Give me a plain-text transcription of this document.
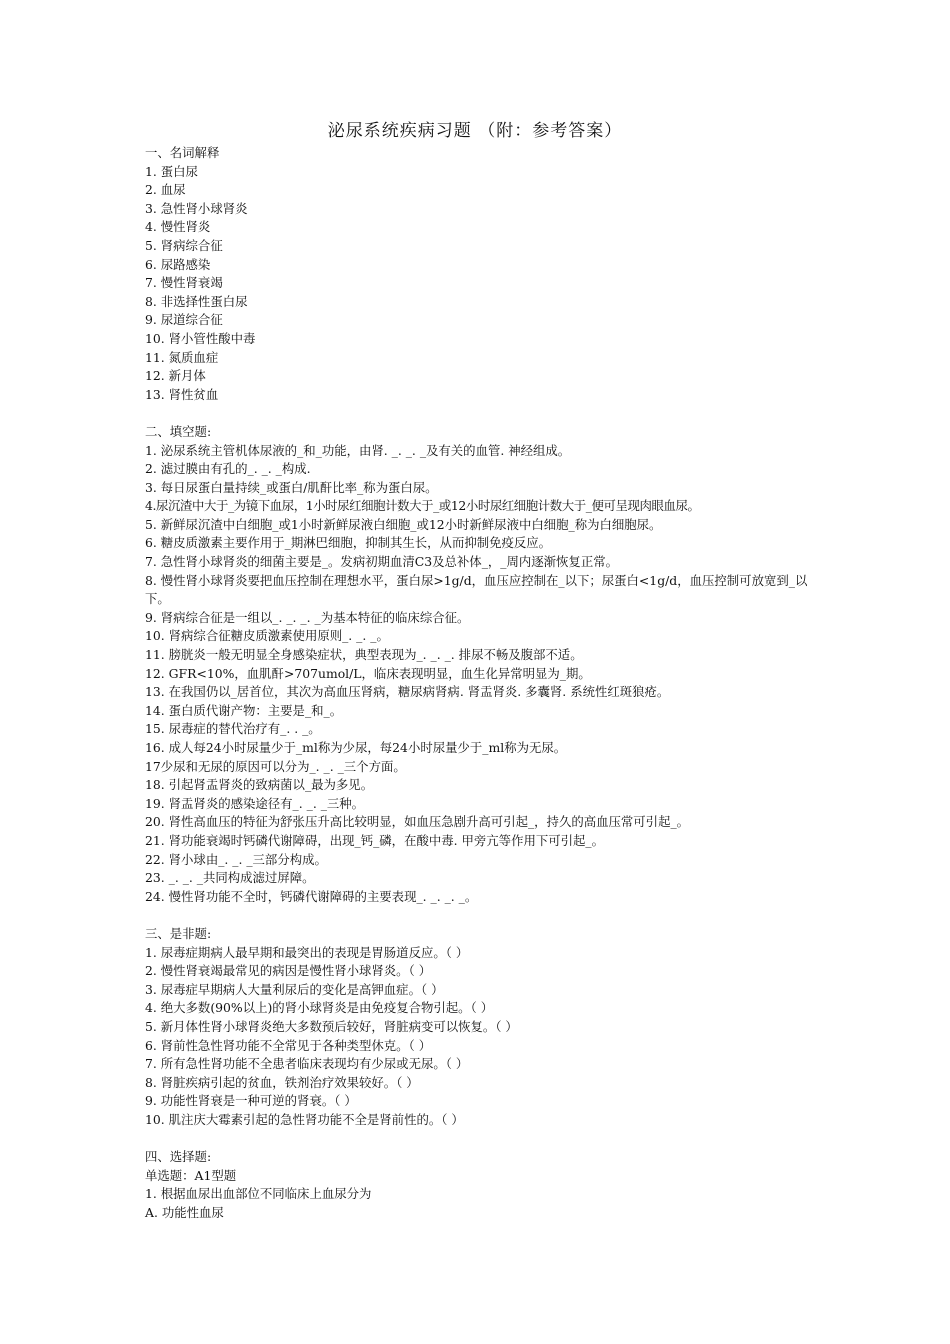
泌尿系统疾病习题 （附：参考答案）
一、名词解释
1. 蛋白尿
2. 血尿
3. 急性肾小球肾炎
4. 慢性肾炎
5. 肾病综合征
6. 尿路感染
7. 慢性肾衰竭
8. 非选择性蛋白尿
9. 尿道综合征
10. 肾小管性酸中毒
11. 氮质血症
12. 新月体
13. 肾性贫血
二、填空题:
1. 泌尿系统主管机体尿液的_和_功能，由肾. _. _. _及有关的血管. 神经组成。
2. 滤过膜由有孔的_. _. _构成.
3. 每日尿蛋白量持续_或蛋白/肌酐比率_称为蛋白尿。
4.尿沉渣中大于_为镜下血尿，1小时尿红细胞计数大于_或12小时尿红细胞计数大于_便可呈现肉眼血尿。
5. 新鲜尿沉渣中白细胞_或1小时新鲜尿液白细胞_或12小时新鲜尿液中白细胞_称为白细胞尿。
6. 糖皮质激素主要作用于_期淋巴细胞，抑制其生长，从而抑制免疫反应。
7. 急性肾小球肾炎的细菌主要是_。发病初期血清C3及总补体_，_周内逐渐恢复正常。
8. 慢性肾小球肾炎要把血压控制在理想水平，蛋白尿>1g/d，血压应控制在_以下；尿蛋白<1g/d，血压控制可放宽到_以下。
9. 肾病综合征是一组以_. _. _. _为基本特征的临床综合征。
10. 肾病综合征糖皮质激素使用原则_. _. _。
11. 膀胱炎一般无明显全身感染症状，典型表现为_. _. _. 排尿不畅及腹部不适。
12. GFR<10%，血肌酐>707umol/L，临床表现明显，血生化异常明显为_期。
13. 在我国仍以_居首位，其次为高血压肾病，糖尿病肾病. 肾盂肾炎. 多囊肾. 系统性红斑狼疮。
14. 蛋白质代谢产物：主要是_和_。
15. 尿毒症的替代治疗有_. . _。
16. 成人每24小时尿量少于_ml称为少尿，每24小时尿量少于_ml称为无尿。
17少尿和无尿的原因可以分为_. _. _三个方面。
18. 引起肾盂肾炎的致病菌以_最为多见。
19. 肾盂肾炎的感染途径有_. _. _三种。
20. 肾性高血压的特征为舒张压升高比较明显，如血压急剧升高可引起_，持久的高血压常可引起_。
21. 肾功能衰竭时钙磷代谢障碍，出现_钙_磷，在酸中毒. 甲旁亢等作用下可引起_。
22. 肾小球由_. _. _三部分构成。
23. _. _. _共同构成滤过屏障。
24. 慢性肾功能不全时，钙磷代谢障碍的主要表现_. _. _. _。
三、是非题:
1. 尿毒症期病人最早期和最突出的表现是胃肠道反应。（ ）
2. 慢性肾衰竭最常见的病因是慢性肾小球肾炎。（ ）
3. 尿毒症早期病人大量利尿后的变化是高钾血症。（ ）
4. 绝大多数(90%以上)的肾小球肾炎是由免疫复合物引起。（ ）
5. 新月体性肾小球肾炎绝大多数预后较好，肾脏病变可以恢复。（ ）
6. 肾前性急性肾功能不全常见于各种类型休克。（ ）
7. 所有急性肾功能不全患者临床表现均有少尿或无尿。（ ）
8. 肾脏疾病引起的贫血，铁剂治疗效果较好。（ ）
9. 功能性肾衰是一种可逆的肾衰。（ ）
10. 肌注庆大霉素引起的急性肾功能不全是肾前性的。（ ）
四、选择题:
单选题：A1型题
1. 根据血尿出血部位不同临床上血尿分为
A. 功能性血尿
